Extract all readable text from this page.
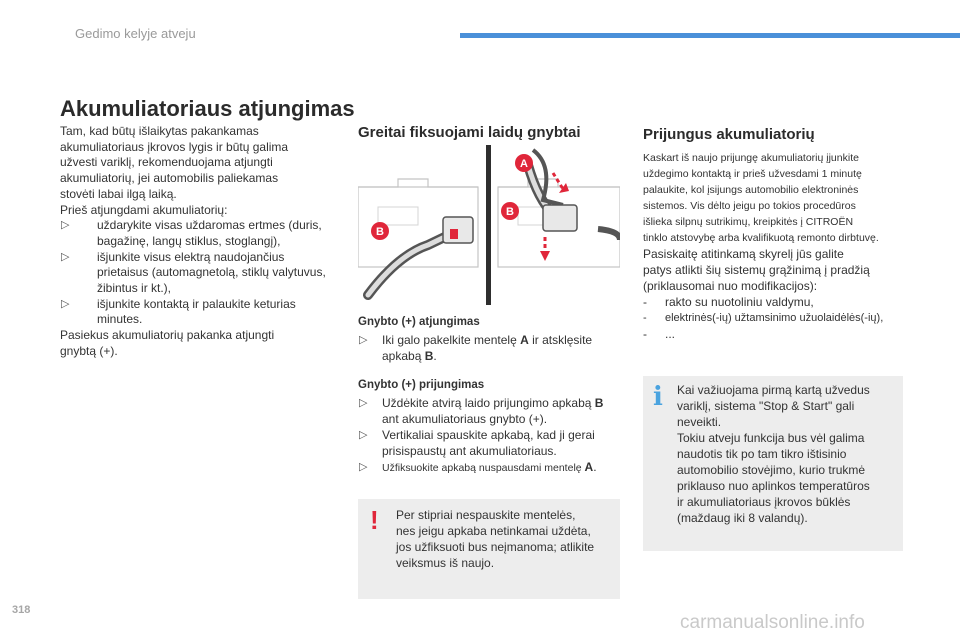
Gedimo kelyje atveju
Akumuliatoriaus atjungimas

Tam, kad būtų išlaikytas pakankamas
akumuliatoriaus įkrovos lygis ir būtų galima
užvesti variklį, rekomenduojama atjungti
akumuliatorių, jei automobilis paliekamas
stovėti labai ilgą laiką.

Prieš atjungdami akumuliatorių:

▷ uždarykite visas uždaromas ertmes (duris,
bagažinę, langų stiklus, stoglangį),
▷ išjunkite visus elektrą naudojančius
prietaisus (automagnetolą, stiklų valytuvus,
žibintus ir kt.),
▷ išjunkite kontaktą ir palaukite keturias
minutes.

Pasiekus akumuliatorių pakanka atjungti
gnybtą (+).

Greitai fiksuojami laidų gnybtai
B
A
B
Gnybto (+) atjungimas
▷ Iki galo pakelkite mentelę A ir atsklęsite
apkabą B.
Gnybto (+) prijungimas
▷ Uždėkite atvirą laido prijungimo apkabą B
ant akumuliatoriaus gnybto (+).
▷ Vertikaliai spauskite apkabą, kad ji gerai
prisispaustų ant akumuliatoriaus.
▷ Užfiksuokite apkabą nuspausdami mentelę A.
! Per stipriai nespauskite mentelės,
nes jeigu apkaba netinkamai uždėta,
jos užfiksuoti bus neįmanoma; atlikite
veiksmus iš naujo.
Prijungus akumuliatorių

Kaskart iš naujo prijungę akumuliatorių įjunkite
uždegimo kontaktą ir prieš užvesdami 1 minutę
palaukite, kol įsijungs automobilio elektroninės
sistemos. Vis dėlto jeigu po tokios procedūros
išlieka silpnų sutrikimų, kreipkitės į CITROËN
tinklo atstovybę arba kvalifikuotą remonto dirbtuvę.

Pasiskaitę atitinkamą skyrelį jūs galite
patys atlikti šių sistemų grąžinimą į pradžią
(priklausomai nuo modifikacijos):

- rakto su nuotoliniu valdymu,
- elektrinės(-ių) užtamsinimo užuolaidėlės(-ių),
- ...
i Kai važiuojama pirmą kartą užvedus
variklį, sistema "Stop & Start" gali
neveikti.
Tokiu atveju funkcija bus vėl galima
naudotis tik po tam tikro ištisinio
automobilio stovėjimo, kurio trukmė
priklauso nuo aplinkos temperatūros
ir akumuliatoriaus įkrovos būklės
(maždaug iki 8 valandų).
318
carmanualsonline.info
